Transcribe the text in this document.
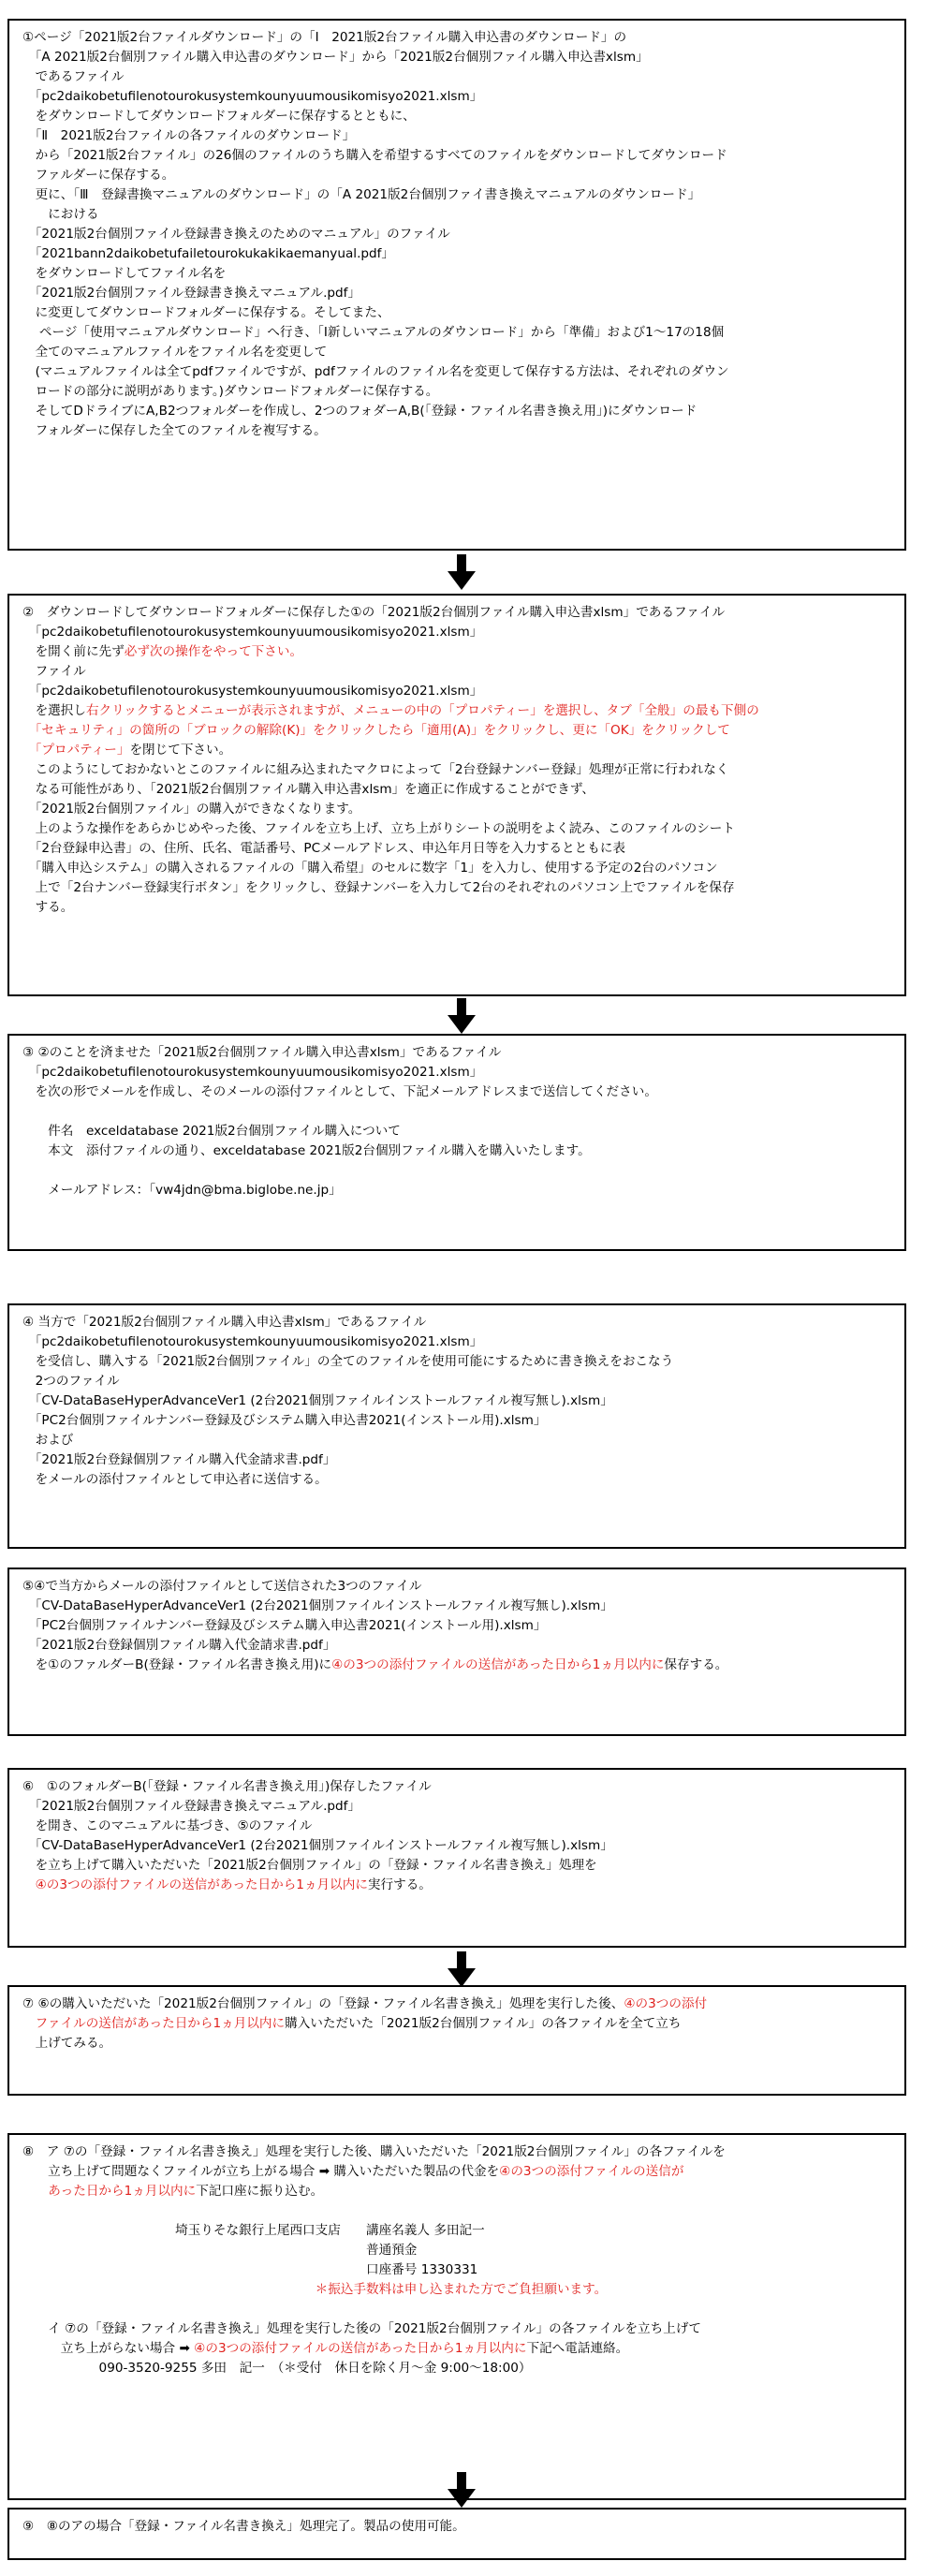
①ページ「2021版2台ファイルダウンロード」の「Ⅰ　2021版2台ファイル購入申込書のダウンロード」の

　「A 2021版2台個別ファイル購入申込書のダウンロード」から「2021版2台個別ファイル購入申込書xlsm」

　であるファイル

　「pc2daikobetufilenotourokusystemkounyuumousikomisyo2021.xlsm」

　をダウンロードしてダウンロードフォルダーに保存するとともに、

　「Ⅱ　2021版2台ファイルの各ファイルのダウンロード」

　から「2021版2台ファイル」の26個のファイルのうち購入を希望するすべてのファイルをダウンロードしてダウンロード

　ファルダーに保存する。

　更に、「Ⅲ　登録書換マニュアルのダウンロード」の「A 2021版2台個別ファイ書き換えマニュアルのダウンロード」

　　における

　「2021版2台個別ファイル登録書き換えのためのマニュアル」のファイル

　「2021bann2daikobetufailetourokukakikaemanyual.pdf」

　をダウンロードしてファイル名を

　「2021版2台個別ファイル登録書き換えマニュアル.pdf」

　に変更してダウンロードフォルダーに保存する。そしてまた、

　 ページ「使用マニュアルダウンロード」へ行き、「Ⅰ新しいマニュアルのダウンロード」から「準備」および1～17の18個

　全てのマニュアルファイルをファイル名を変更して

　(マニュアルファイルは全てpdfファイルですが、pdfファイルのファイル名を変更して保存する方法は、それぞれのダウン

　ロードの部分に説明があります。)ダウンロードフォルダーに保存する。

　そしてDドライブにA,B2つフォルダーを作成し、2つのフォダーA,B(「登録・ファイル名書き換え用」)にダウンロード

　フォルダーに保存した全てのファイルを複写する。

②　ダウンロードしてダウンロードフォルダーに保存した①の「2021版2台個別ファイル購入申込書xlsm」であるファイル

　「pc2daikobetufilenotourokusystemkounyuumousikomisyo2021.xlsm」

　を開く前に先ず必ず次の操作をやって下さい。

　ファイル

　「pc2daikobetufilenotourokusystemkounyuumousikomisyo2021.xlsm」

　を選択し右クリックするとメニューが表示されますが、メニューの中の「プロパティー」を選択し、タブ「全般」の最も下側の

　「セキュリティ」の箇所の「ブロックの解除(K)」をクリックしたら「適用(A)」をクリックし、更に「OK」をクリックして

　「プロパティー」を閉じて下さい。

　このようにしておかないとこのファイルに組み込まれたマクロによって「2台登録ナンバー登録」処理が正常に行われなく

　なる可能性があり、「2021版2台個別ファイル購入申込書xlsm」を適正に作成することができず、

　「2021版2台個別ファイル」の購入ができなくなります。

　上のような操作をあらかじめやった後、ファイルを立ち上げ、立ち上がりシートの説明をよく読み、このファイルのシート

　「2台登録申込書」の、住所、氏名、電話番号、PCメールアドレス、申込年月日等を入力するとともに表

　「購入申込システム」の購入されるファイルの「購入希望」のセルに数字「1」を入力し、使用する予定の2台のパソコン

　上で「2台ナンバー登録実行ボタン」をクリックし、登録ナンバーを入力して2台のそれぞれのパソコン上でファイルを保存

　する。

③ ②のことを済ませた「2021版2台個別ファイル購入申込書xlsm」であるファイル

　「pc2daikobetufilenotourokusystemkounyuumousikomisyo2021.xlsm」

　を次の形でメールを作成し、そのメールの添付ファイルとして、下記メールアドレスまで送信してください。

　　件名　exceldatabase 2021版2台個別ファイル購入について

　　本文　添付ファイルの通り、exceldatabase 2021版2台個別ファイル購入を購入いたします。

　　メールアドレス：「vw4jdn@bma.biglobe.ne.jp」

④ 当方で「2021版2台個別ファイル購入申込書xlsm」であるファイル

　「pc2daikobetufilenotourokusystemkounyuumousikomisyo2021.xlsm」

　を受信し、購入する「2021版2台個別ファイル」の全てのファイルを使用可能にするために書き換えをおこなう

　2つのファイル

　「CV-DataBaseHyperAdvanceVer1 (2台2021個別ファイルインストールファイル複写無し).xlsm」

　「PC2台個別ファイルナンバー登録及びシステム購入申込書2021(インストール用).xlsm」

　および

　「2021版2台登録個別ファイル購入代金請求書.pdf」

　をメールの添付ファイルとして申込者に送信する。

⑤④で当方からメールの添付ファイルとして送信された3つのファイル

　「CV-DataBaseHyperAdvanceVer1 (2台2021個別ファイルインストールファイル複写無し).xlsm」

　「PC2台個別ファイルナンバー登録及びシステム購入申込書2021(インストール用).xlsm」

　「2021版2台登録個別ファイル購入代金請求書.pdf」

　を①のファルダーB(登録・ファイル名書き換え用)に④の3つの添付ファイルの送信があった日から1ヵ月以内に保存する。

⑥　①のフォルダーB(「登録・ファイル名書き換え用」)保存したファイル

　「2021版2台個別ファイル登録書き換えマニュアル.pdf」

　を開き、このマニュアルに基づき、⑤のファイル

　「CV-DataBaseHyperAdvanceVer1 (2台2021個別ファイルインストールファイル複写無し).xlsm」

　を立ち上げて購入いただいた「2021版2台個別ファイル」の「登録・ファイル名書き換え」処理を

　④の3つの添付ファイルの送信があった日から1ヵ月以内に実行する。

⑦ ⑥の購入いただいた「2021版2台個別ファイル」の「登録・ファイル名書き換え」処理を実行した後、④の3つの添付

　ファイルの送信があった日から1ヵ月以内に購入いただいた「2021版2台個別ファイル」の各ファイルを全て立ち

　上げてみる。

⑧　ア ⑦の「登録・ファイル名書き換え」処理を実行した後、購入いただいた「2021版2台個別ファイル」の各ファイルを

　　立ち上げて問題なくファイルが立ち上がる場合 ➡ 購入いただいた製品の代金を④の3つの添付ファイルの送信が

　　あった日から1ヵ月以内に下記口座に振り込む。

　　　　　　　　　　　　埼玉りそな銀行上尾西口支店　　講座名義人 多田記一

　　　　　　　　　　　　　　　　　　　　　　　　　　　普通預金

　　　　　　　　　　　　　　　　　　　　　　　　　　　口座番号 1330331

　　　　　　　　　　　　　　　　　　　　　　　＊振込手数料は申し込まれた方でご負担願います。

　　イ ⑦の「登録・ファイル名書き換え」処理を実行した後の「2021版2台個別ファイル」の各ファイルを立ち上げて

　　　立ち上がらない場合 ➡ ④の3つの添付ファイルの送信があった日から1ヵ月以内に下記へ電話連絡。

　　　　　　090-3520-9255 多田　記一　（＊受付　休日を除く月～金 9:00～18:00）

⑨　⑧のアの場合「登録・ファイル名書き換え」処理完了。製品の使用可能。
